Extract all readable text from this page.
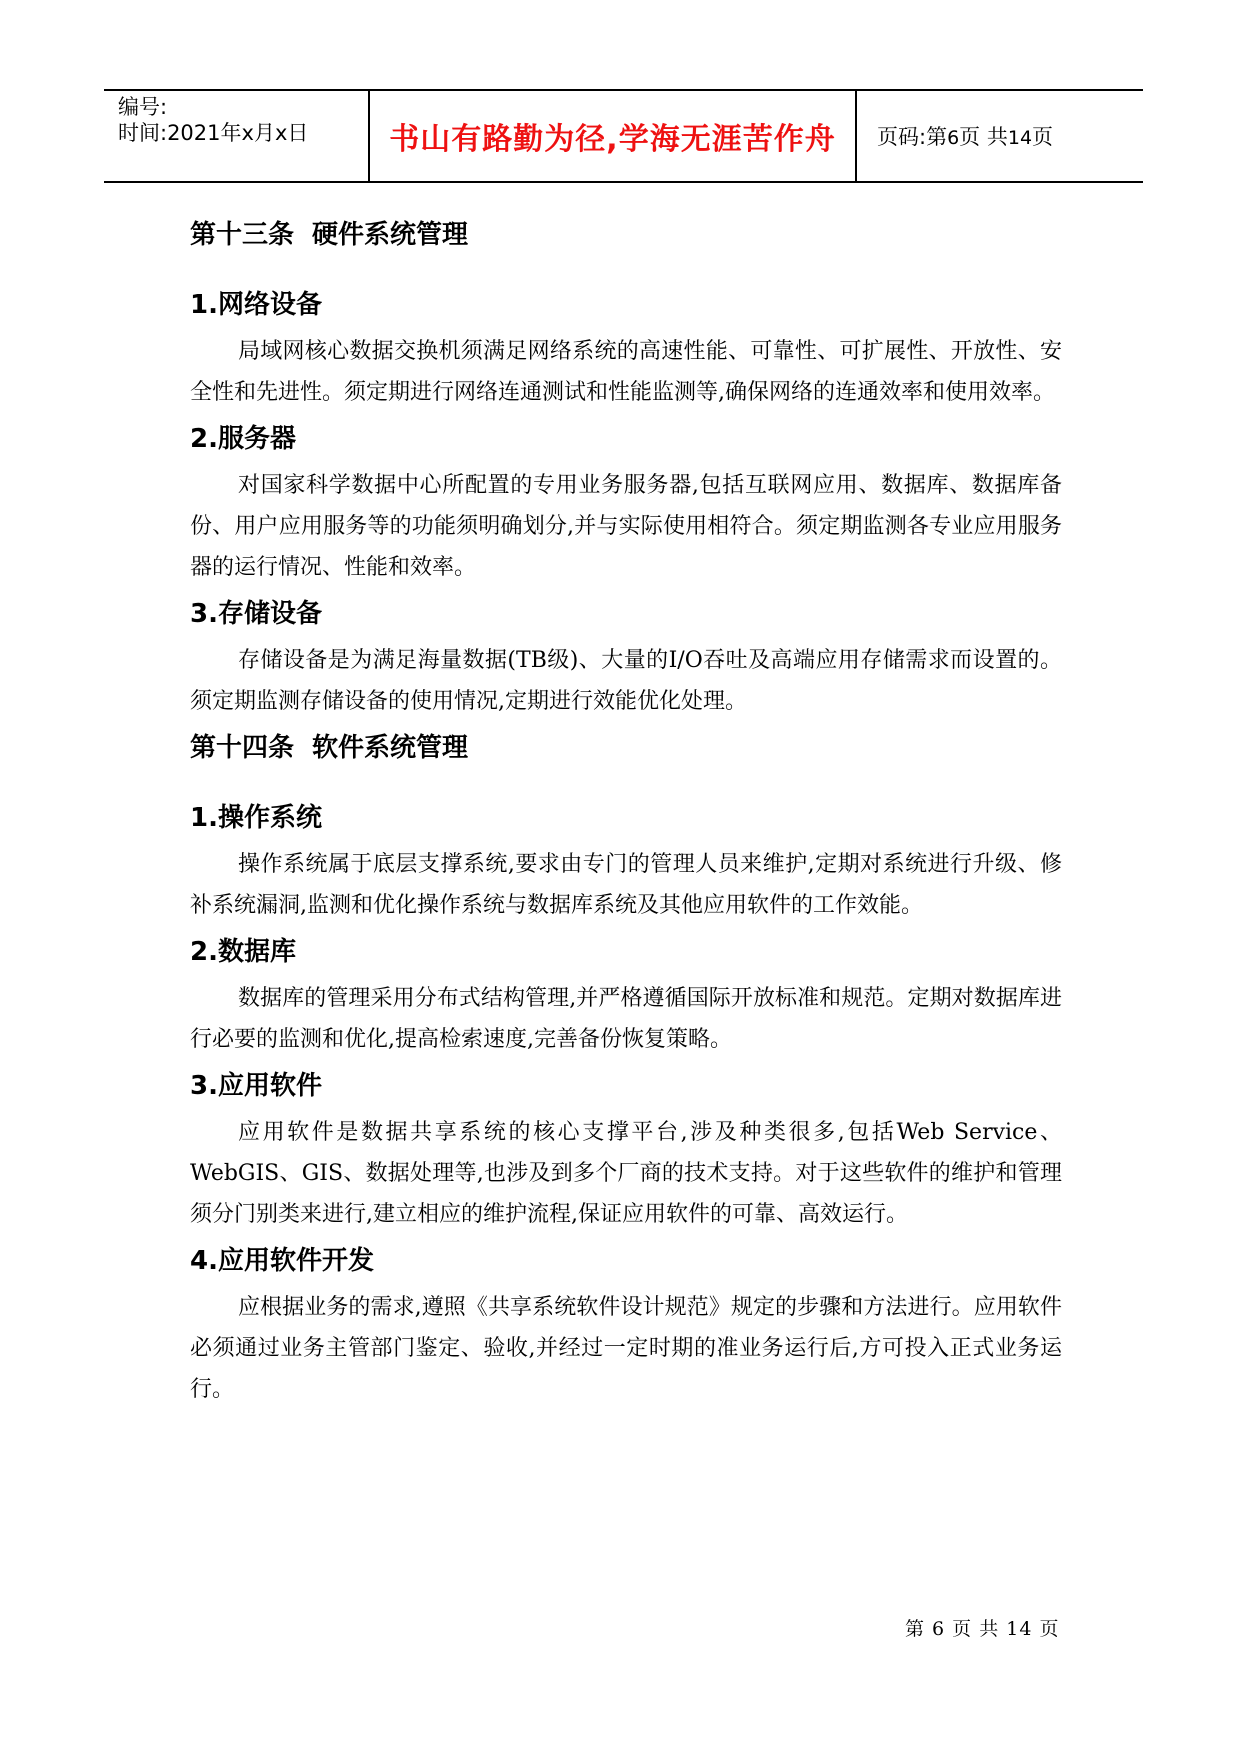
编号:
时间:2021年x月x日	书山有路勤为径,学海无涯苦作舟 页码:第6页 共14页
第十三条 硬件系统管理
1.网络设备

局域网核心数据交换机须满足网络系统的高速性能、可靠性、可扩展性、开放性、安全性和先进性。须定期进行网络连通测试和性能监测等,确保网络的连通效率和使用效率。

2.服务器

对国家科学数据中心所配置的专用业务服务器,包括互联网应用、数据库、数据库备份、用户应用服务等的功能须明确划分,并与实际使用相符合。须定期监测各专业应用服务器的运行情况、性能和效率。

3.存储设备

存储设备是为满足海量数据(TB级)、大量的I/O吞吐及高端应用存储需求而设置的。须定期监测存储设备的使用情况,定期进行效能优化处理。

第十四条 软件系统管理
1.操作系统

操作系统属于底层支撑系统,要求由专门的管理人员来维护,定期对系统进行升级、修补系统漏洞,监测和优化操作系统与数据库系统及其他应用软件的工作效能。

2.数据库

数据库的管理采用分布式结构管理,并严格遵循国际开放标准和规范。定期对数据库进行必要的监测和优化,提高检索速度,完善备份恢复策略。

3.应用软件

应用软件是数据共享系统的核心支撑平台,涉及种类很多,包括Web Service、WebGIS、GIS、数据处理等,也涉及到多个厂商的技术支持。对于这些软件的维护和管理须分门别类来进行,建立相应的维护流程,保证应用软件的可靠、高效运行。

4.应用软件开发

应根据业务的需求,遵照《共享系统软件设计规范》规定的步骤和方法进行。应用软件必须通过业务主管部门鉴定、验收,并经过一定时期的准业务运行后,方可投入正式业务运行。

第 6 页 共 14 页
